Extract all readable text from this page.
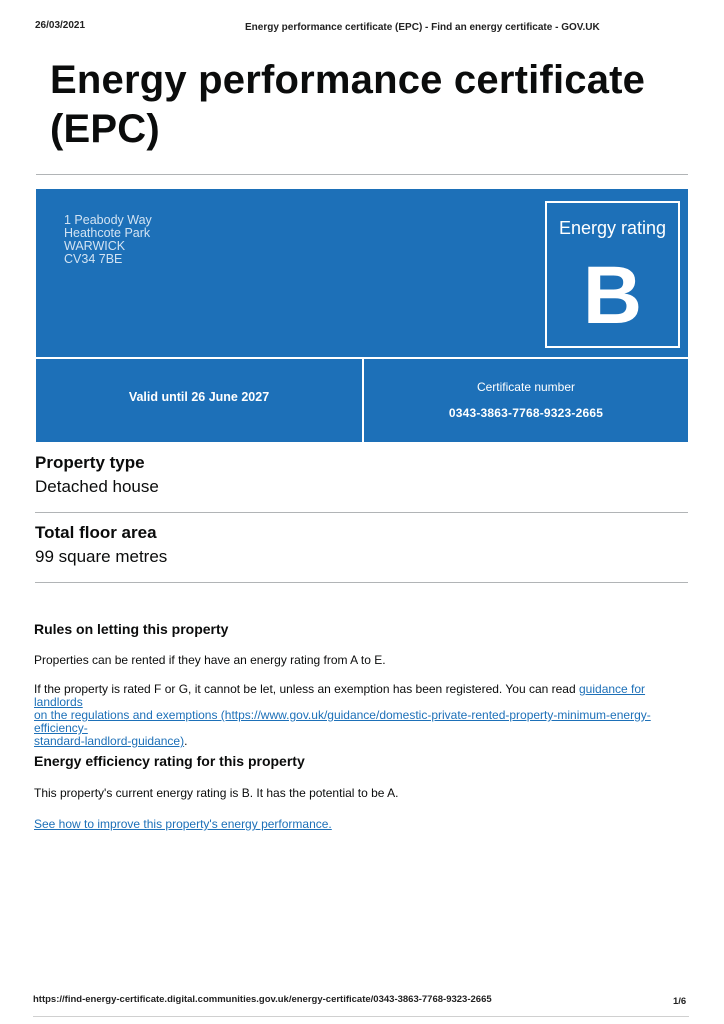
26/03/2021	Energy performance certificate (EPC) - Find an energy certificate - GOV.UK
Energy performance certificate (EPC)
1 Peabody Way
Heathcote Park
WARWICK
CV34 7BE
Energy rating
B
Valid until 26 June 2027
Certificate number
0343-3863-7768-9323-2665
Property type
Detached house
Total floor area
99 square metres
Rules on letting this property
Properties can be rented if they have an energy rating from A to E.
If the property is rated F or G, it cannot be let, unless an exemption has been registered. You can read guidance for landlords
on the regulations and exemptions (https://www.gov.uk/guidance/domestic-private-rented-property-minimum-energy-efficiency-
standard-landlord-guidance).
Energy efficiency rating for this property
This property's current energy rating is B. It has the potential to be A.
See how to improve this property's energy performance.
https://find-energy-certificate.digital.communities.gov.uk/energy-certificate/0343-3863-7768-9323-2665	1/6
